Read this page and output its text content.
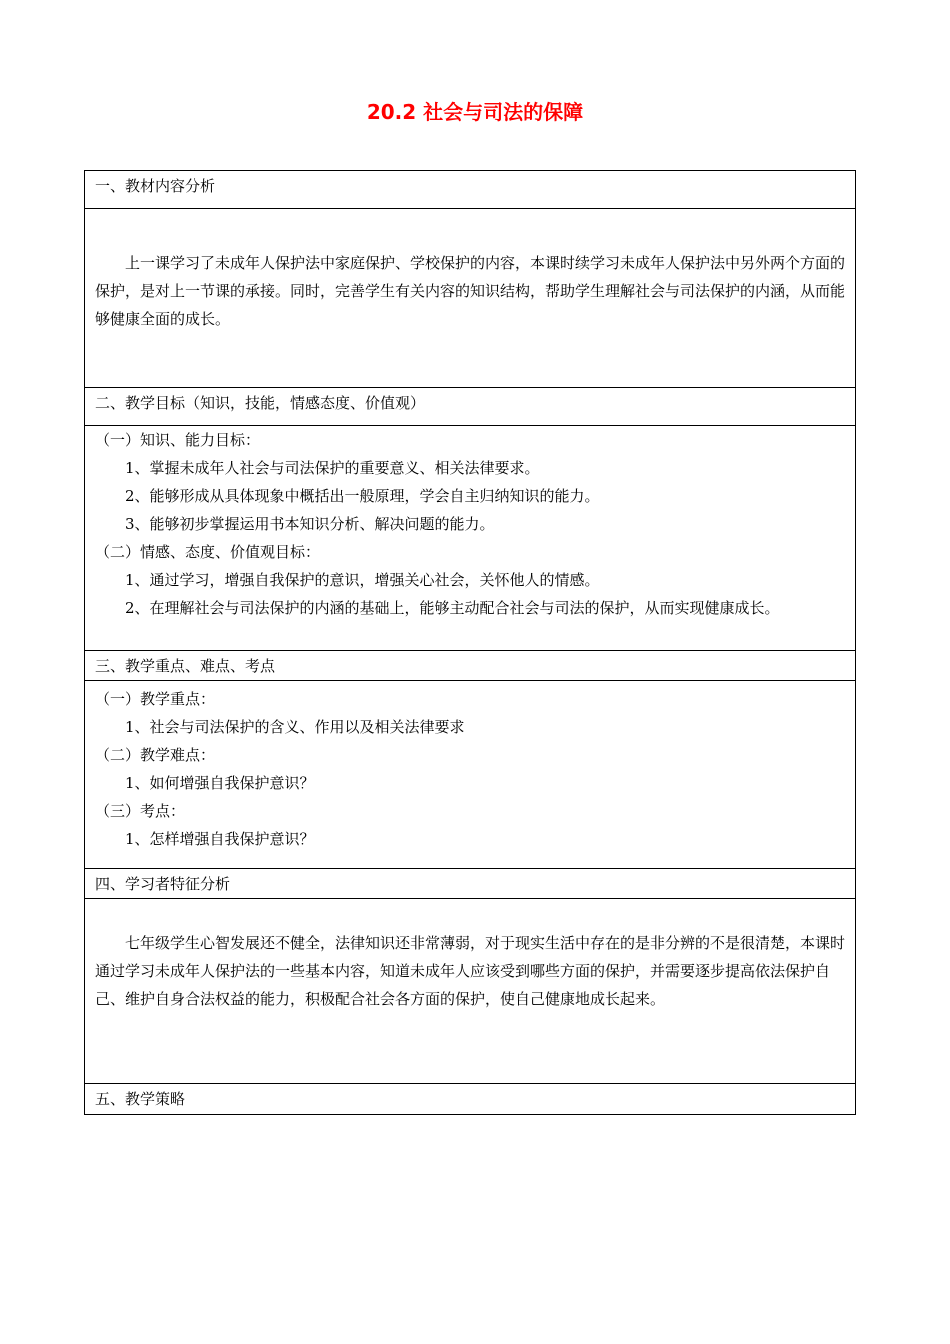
20.2 社会与司法的保障
一、教材内容分析

上一课学习了未成年人保护法中家庭保护、学校保护的内容，本课时续学习未成年人保护法中另外两个方面的保护，是对上一节课的承接。同时，完善学生有关内容的知识结构，帮助学生理解社会与司法保护的内涵，从而能够健康全面的成长。

二、教学目标（知识，技能，情感态度、价值观）

（一）知识、能力目标：

1、掌握未成年人社会与司法保护的重要意义、相关法律要求。

2、能够形成从具体现象中概括出一般原理，学会自主归纳知识的能力。

3、能够初步掌握运用书本知识分析、解决问题的能力。

（二）情感、态度、价值观目标：

1、通过学习，增强自我保护的意识，增强关心社会，关怀他人的情感。

2、在理解社会与司法保护的内涵的基础上，能够主动配合社会与司法的保护，从而实现健康成长。

三、教学重点、难点、考点

（一）教学重点：

1、社会与司法保护的含义、作用以及相关法律要求

（二）教学难点：

1、如何增强自我保护意识？

（三）考点：

1、怎样增强自我保护意识？

四、学习者特征分析

七年级学生心智发展还不健全，法律知识还非常薄弱，对于现实生活中存在的是非分辨的不是很清楚，本课时通过学习未成年人保护法的一些基本内容，知道未成年人应该受到哪些方面的保护，并需要逐步提高依法保护自己、维护自身合法权益的能力，积极配合社会各方面的保护，使自己健康地成长起来。

五、教学策略
